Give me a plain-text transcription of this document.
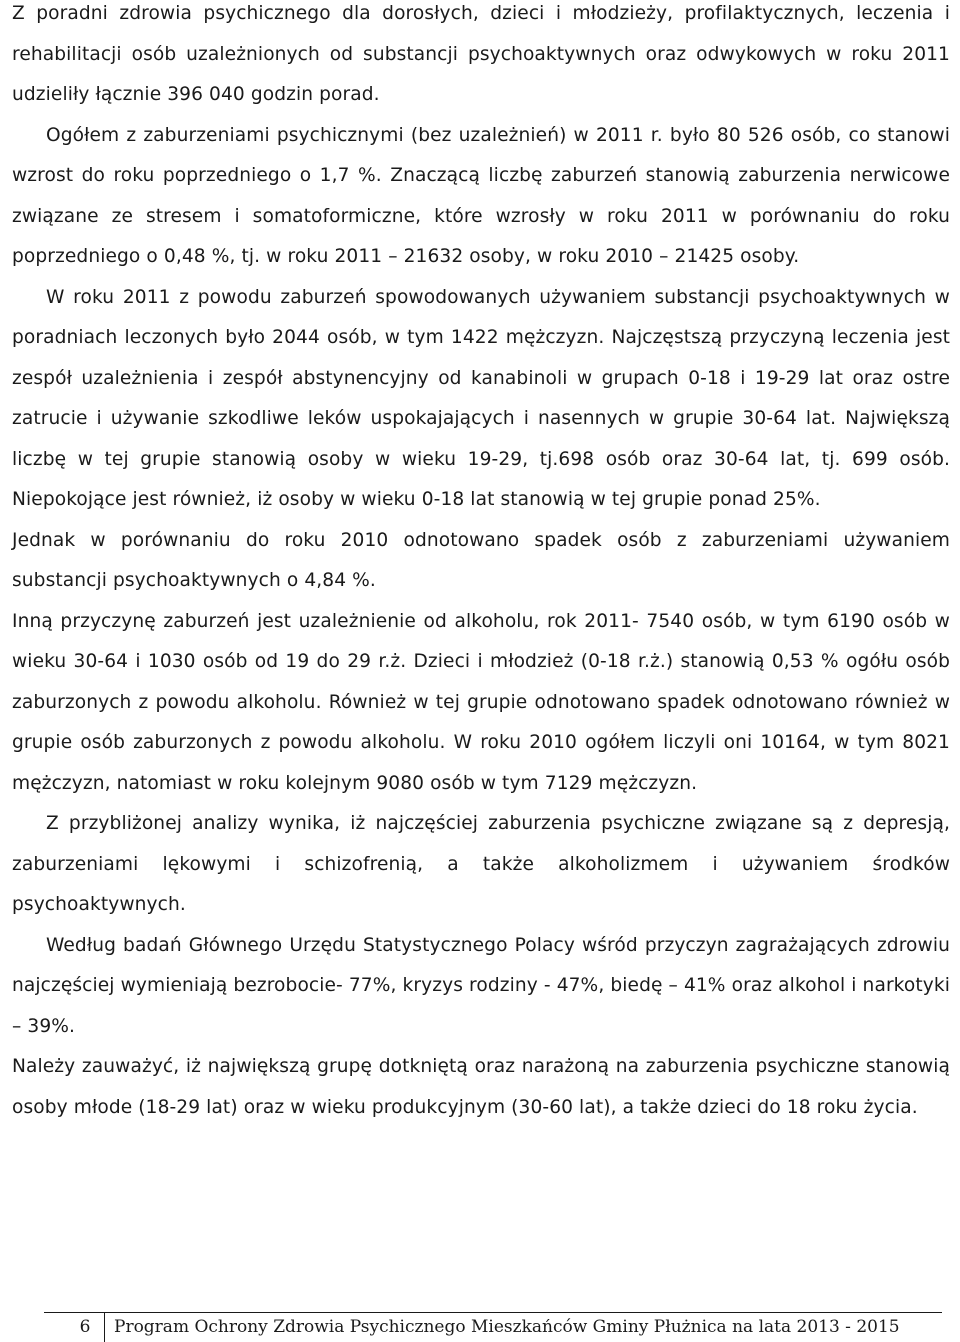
Z poradni zdrowia psychicznego dla dorosłych, dzieci i młodzieży, profilaktycznych, leczenia i rehabilitacji osób uzależnionych od substancji psychoaktywnych oraz odwykowych w roku 2011 udzieliły łącznie 396 040 godzin porad.

Ogółem z zaburzeniami psychicznymi (bez uzależnień) w 2011 r. było 80 526 osób, co stanowi wzrost do roku poprzedniego o 1,7 %. Znaczącą liczbę zaburzeń stanowią zaburzenia nerwicowe związane ze stresem i somatoformiczne, które wzrosły w roku 2011 w porównaniu do roku poprzedniego o 0,48 %, tj. w roku 2011 – 21632 osoby, w roku 2010 – 21425 osoby.

W roku 2011 z powodu zaburzeń spowodowanych używaniem substancji psychoaktywnych w poradniach leczonych było 2044 osób, w tym 1422 mężczyzn. Najczęstszą przyczyną leczenia jest zespół uzależnienia i zespół abstynencyjny od kanabinoli w grupach 0-18 i 19-29 lat oraz ostre zatrucie i używanie szkodliwe leków uspokajających i nasennych w grupie 30-64 lat. Największą liczbę w tej grupie stanowią osoby w wieku 19-29, tj.698 osób oraz 30-64 lat, tj. 699 osób. Niepokojące jest również, iż osoby w wieku 0-18 lat stanowią w tej grupie ponad 25%.

Jednak w porównaniu do roku 2010 odnotowano spadek osób z zaburzeniami używaniem substancji psychoaktywnych o 4,84 %.

Inną przyczynę zaburzeń jest uzależnienie od alkoholu, rok 2011- 7540 osób, w tym 6190 osób w wieku 30-64 i 1030 osób od 19 do 29 r.ż. Dzieci i młodzież (0-18 r.ż.) stanowią 0,53 % ogółu osób zaburzonych z powodu alkoholu. Również w tej grupie odnotowano spadek odnotowano również w grupie osób zaburzonych z powodu alkoholu. W roku 2010 ogółem liczyli oni 10164, w tym 8021 mężczyzn, natomiast w roku kolejnym 9080 osób w tym 7129 mężczyzn.

Z przybliżonej analizy wynika, iż najczęściej zaburzenia psychiczne związane są z depresją, zaburzeniami lękowymi i schizofrenią, a także alkoholizmem i używaniem środków psychoaktywnych.

Według badań Głównego Urzędu Statystycznego Polacy wśród przyczyn zagrażających zdrowiu najczęściej wymieniają bezrobocie- 77%, kryzys rodziny - 47%, biedę – 41% oraz alkohol i narkotyki – 39%.

Należy zauważyć, iż największą grupę dotkniętą oraz narażoną na zaburzenia psychiczne stanowią osoby młode (18-29 lat) oraz w wieku produkcyjnym (30-60 lat), a także dzieci do 18 roku życia.

6	Program Ochrony Zdrowia Psychicznego Mieszkańców Gminy Płużnica na lata 2013 - 2015
